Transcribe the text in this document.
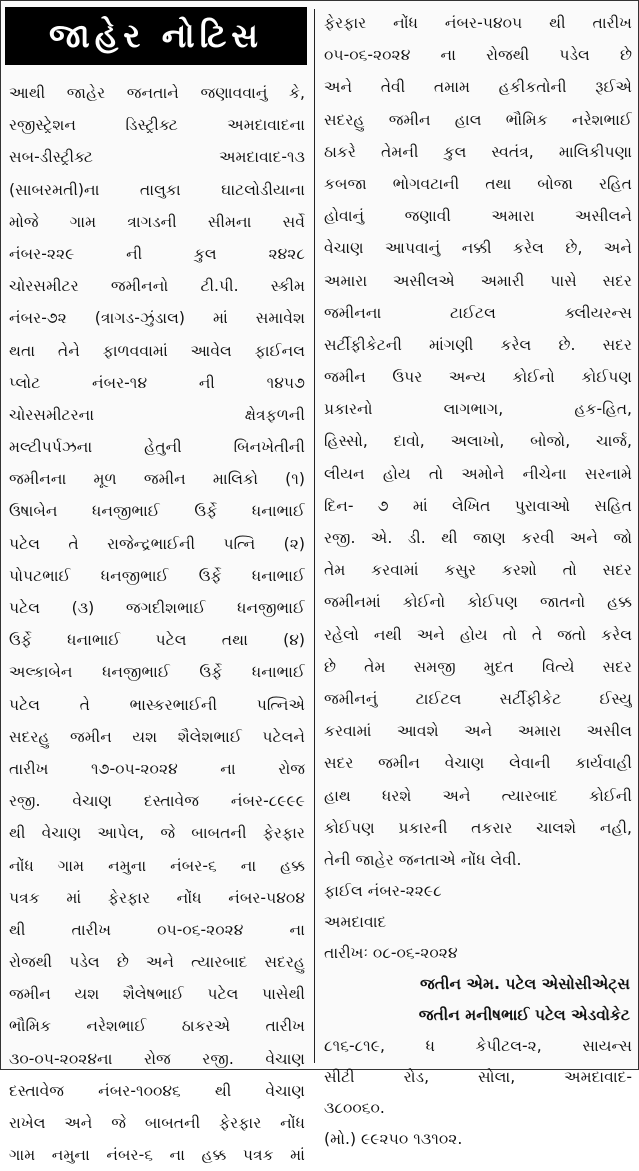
જાહેર નોટિસ
આથી જાહેર જનતાને જણાવવાનું કે,
રજીસ્ટ્રેશન ડિસ્ટ્રીક્ટ અમદાવાદના
સબ-ડીસ્ટ્રીક્ટ અમદાવાદ-૧૩
(સાબરમતી)ના તાલુકા ઘાટલોડીયાના
મોજે ગામ ત્રાગડની સીમના સર્વે
નંબર-૨૨૯ ની કુલ ૨૪૨૮
ચોરસમીટર જમીનનો ટી.પી. સ્કીમ
નંબર-૭૨ (ત્રાગડ-ઝુંડાલ) માં સમાવેશ
થતા તેને ફાળવવામાં આવેલ ફાઈનલ
પ્લોટ નંબર-૧૪ ની ૧૪૫૭
ચોરસમીટરના ક્ષેત્રફળની
મલ્ટીપર્પઝના હેતુની બિનખેતીની
જમીનના મૂળ જમીન માલિકો (૧)
ઉષાબેન ધનજીભાઈ ઉર્ફે ધનાભાઈ
પટેલ તે રાજેન્દ્રભાઈની પત્નિ (૨)
પોપટભાઈ ધનજીભાઈ ઉર્ફે ધનાભાઈ
પટેલ (૩) જગદીશભાઈ ધનજીભાઈ
ઉર્ફે ધનાભાઈ પટેલ તથા (૪)
અલ્કાબેન ધનજીભાઈ ઉર્ફે ધનાભાઈ
પટેલ તે ભાસ્કરભાઈની પત્નિએ
સદરહુ જમીન યશ શૈલેશભાઈ પટેલને
તારીખ ૧૭-૦૫-૨૦૨૪ ના રોજ
રજી. વેચાણ દસ્તાવેજ નંબર-૮૯૯૯
થી વેચાણ આપેલ, જે બાબતની ફેરફાર
નોંધ ગામ નમુના નંબર-૬ ના હક્ક
પત્રક માં ફેરફાર નોંધ નંબર-૫૪૦૪
થી તારીખ ૦૫-૦૬-૨૦૨૪ ના
રોજથી પડેલ છે અને ત્યારબાદ સદરહુ
જમીન યશ શૈલેષભાઈ પટેલ પાસેથી
ભૌમિક નરેશભાઈ ઠાકરએ તારીખ
૩૦-૦૫-૨૦૨૪ના રોજ રજી. વેચાણ
દસ્તાવેજ નંબર-૧૦૦૪૬ થી વેચાણ
રાખેલ અને જે બાબતની ફેરફાર નોંધ
ગામ નમુના નંબર-૬ ના હક્ક પત્રક માં
ફેરફાર નોંધ નંબર-૫૪૦૫ થી તારીખ
૦૫-૦૬-૨૦૨૪ ના રોજથી પડેલ છે
અને તેવી તમામ હકીકતોની રૂઈએ
સદરહુ જમીન હાલ ભૌમિક નરેશભાઈ
ઠાકરે તેમની કુલ સ્વતંત્ર, માલિકીપણા
કબજા ભોગવટાની તથા બોજા રહિત
હોવાનું જણાવી અમારા અસીલને
વેચાણ આપવાનું નક્કી કરેલ છે, અને
અમારા અસીલએ અમારી પાસે સદર
જમીનના ટાઈટલ ક્લીયરન્સ
સર્ટીફીકેટની માંગણી કરેલ છે. સદર
જમીન ઉપર અન્ય કોઈનો કોઈપણ
પ્રકારનો લાગભાગ, હક-હિત,
હિસ્સો, દાવો, અલાખો, બોજો, ચાર્જ,
લીયન હોય તો અમોને નીચેના સરનામે
દિન- ૭ માં લેખિત પુરાવાઓ સહિત
રજી. એ. ડી. થી જાણ કરવી અને જો
તેમ કરવામાં કસુર કરશો તો સદર
જમીનમાં કોઈનો કોઈપણ જાતનો હક્ક
રહેલો નથી અને હોય તો તે જતો કરેલ
છે તેમ સમજી મુદત વિત્યે સદર
જમીનનું ટાઈટલ સર્ટીફીકેટ ઈસ્યુ
કરવામાં આવશે અને અમારા અસીલ
સદર જમીન વેચાણ લેવાની કાર્યવાહી
હાથ ધરશે અને ત્યારબાદ કોઈની
કોઈપણ પ્રકારની તકરાર ચાલશે નહી,
તેની જાહેર જનતાએ નોંધ લેવી.
ફાઈલ નંબર-૨૨૯૮
અમદાવાદ
તારીખઃ ૦૮-૦૬-૨૦૨૪
જતીન એમ. પટેલ એસોસીએટ્સ
જતીન મનીષભાઈ પટેલ એડવોકેટ
૮૧૬-૮૧૯, ધ કેપીટલ-૨, સાયન્સ
સીટી રોડ, સોલા, અમદાવાદ-
૩૮૦૦૬૦.
(મો.) ૯૯૨૫૦ ૧૩૧૦૨.
